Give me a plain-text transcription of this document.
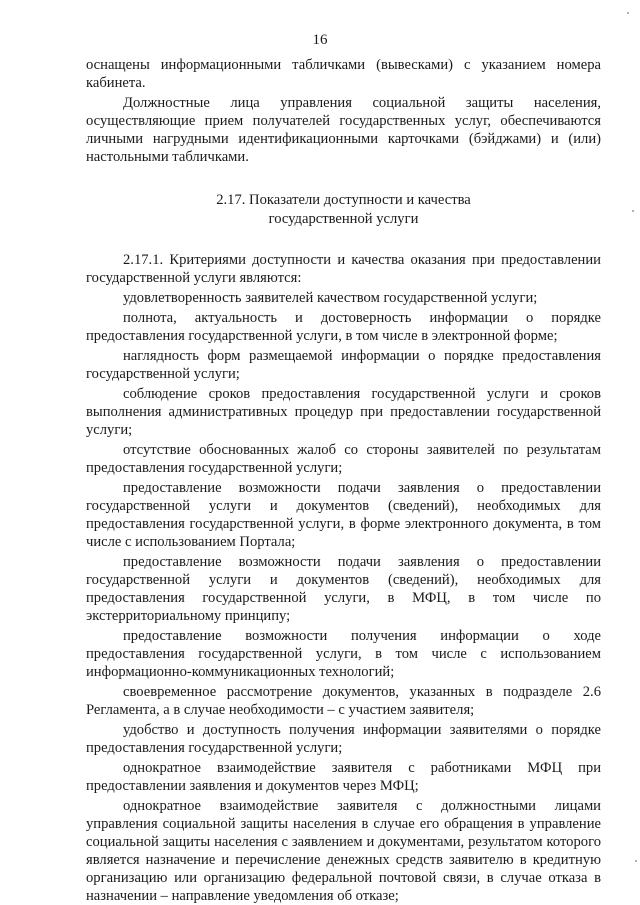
16

оснащены информационными табличками (вывесками) с указанием номера кабинета.

Должностные лица управления социальной защиты населения, осуществляющие прием получателей государственных услуг, обеспечиваются личными нагрудными идентификационными карточками (бэйджами) и (или) настольными табличками.

2.17. Показатели доступности и качества
государственной услуги

2.17.1. Критериями доступности и качества оказания при предоставлении государственной услуги являются:

удовлетворенность заявителей качеством государственной услуги;

полнота, актуальность и достоверность информации о порядке предоставления государственной услуги, в том числе в электронной форме;

наглядность форм размещаемой информации о порядке предоставления государственной услуги;

соблюдение сроков предоставления государственной услуги и сроков выполнения административных процедур при предоставлении государственной услуги;

отсутствие обоснованных жалоб со стороны заявителей по результатам предоставления государственной услуги;

предоставление возможности подачи заявления о предоставлении государственной услуги и документов (сведений), необходимых для предоставления государственной услуги, в форме электронного документа, в том числе с использованием Портала;

предоставление возможности подачи заявления о предоставлении государственной услуги и документов (сведений), необходимых для предоставления государственной услуги, в МФЦ, в том числе по экстерриториальному принципу;

предоставление возможности получения информации о ходе предоставления государственной услуги, в том числе с использованием информационно-коммуникационных технологий;

своевременное рассмотрение документов, указанных в подразделе 2.6 Регламента, а в случае необходимости – с участием заявителя;

удобство и доступность получения информации заявителями о порядке предоставления государственной услуги;

однократное взаимодействие заявителя с работниками МФЦ при предоставлении заявления и документов через МФЦ;

однократное взаимодействие заявителя с должностными лицами управления социальной защиты населения в случае его обращения в управление социальной защиты населения с заявлением и документами, результатом которого является назначение и перечисление денежных средств заявителю в кредитную организацию или организацию федеральной почтовой связи, в случае отказа в назначении – направление уведомления об отказе;
